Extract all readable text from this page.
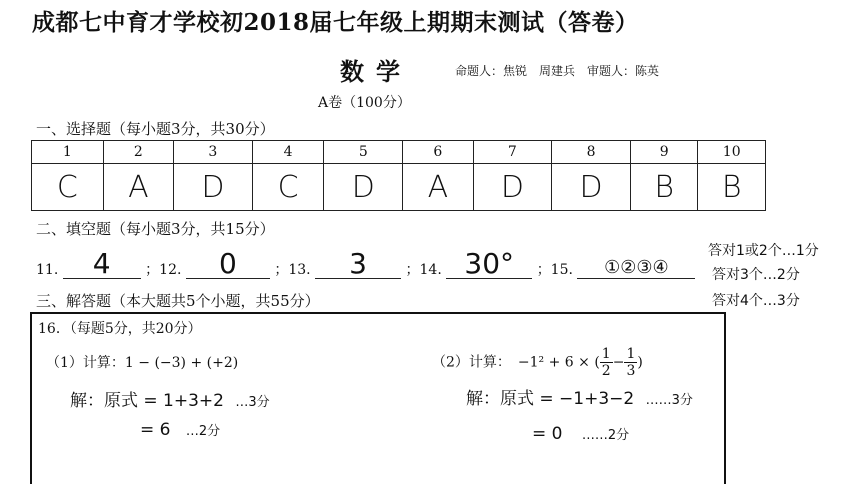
成都七中育才学校初2018届七年级上期期末测试（答卷）
数学	命题人：焦锐　周建兵　审题人：陈英
A卷（100分）
一、选择题（每小题3分，共30分）
1	2	3	4	5	6	7	8	9	10
C	A	D	C	D	A	D	D	B	B
二、填空题（每小题3分，共15分）
11.	4	；12.	0	；13.	3	；14. 30°	；15.	①②③④
答对1或2个…1分
答对3个…2分
答对4个…3分
三、解答题（本大题共5个小题，共55分）
16．（每题5分，共20分）
（1）计算：1 − (−3) + (+2)
解：原式 = 1+3+2 …3分
= 6 …2分
（2）计算：　−1² + 6 × ( $\frac{1}{2} - \frac{1}{3}$ )
解：原式 = −1+3−2 ……3分
= 0 ……2分
